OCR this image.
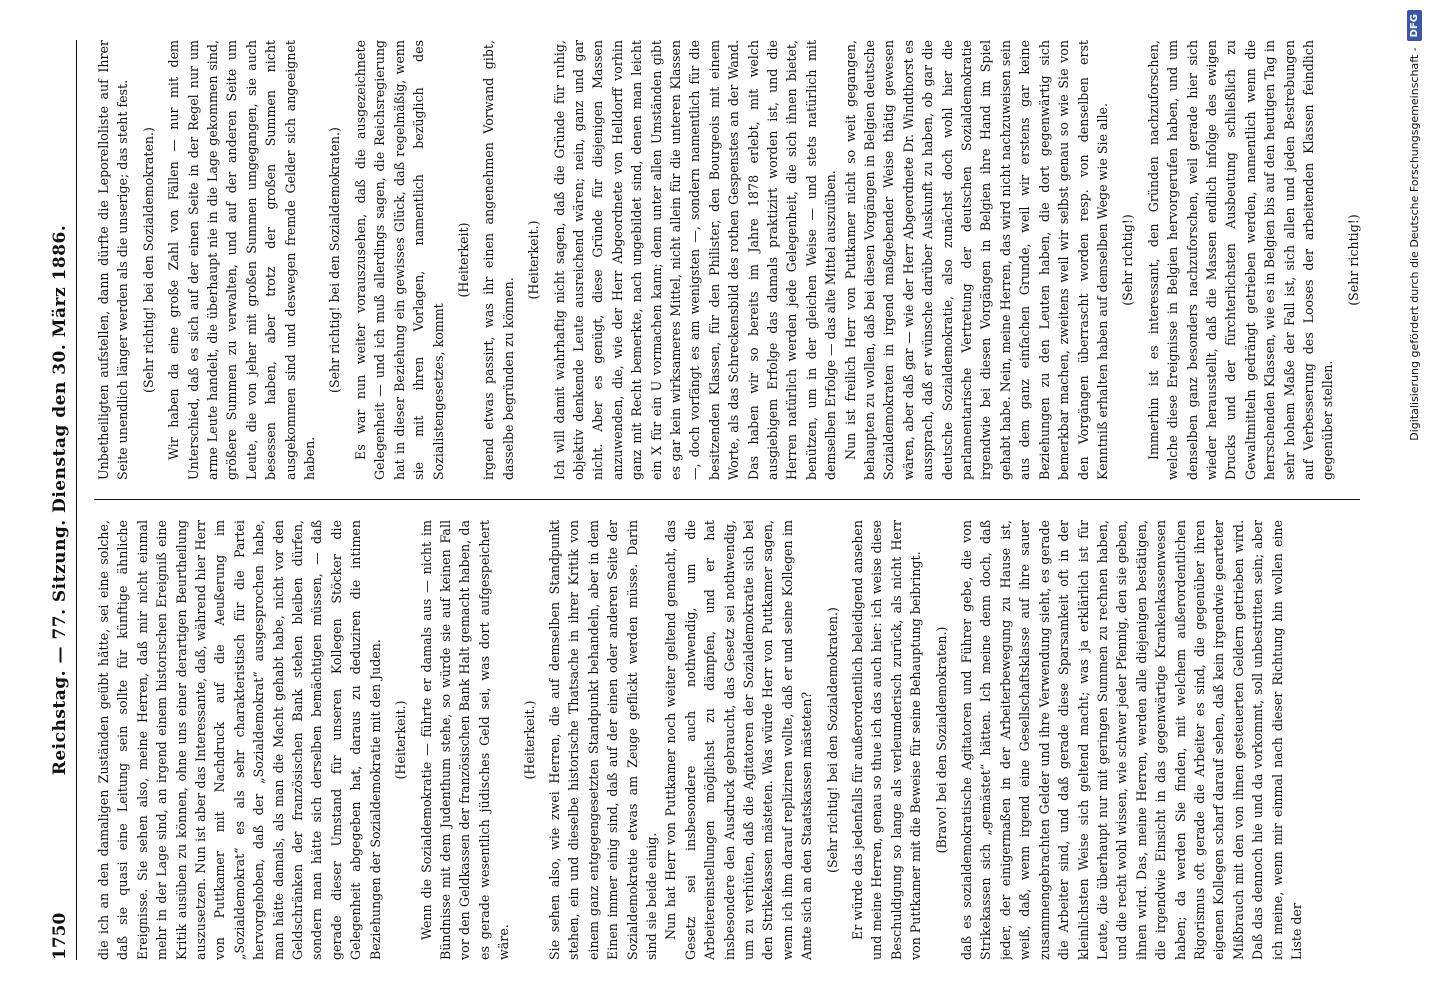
1750
Reichstag. — 77. Sitzung. Dienstag den 30. März 1886. die ich an den damaligen Zuständen geübt hätte, sei eine solche, daß sie quasi eine Leitung sein sollte für künftige ähnliche Ereignisse. Sie sehen also, meine Herren, daß mir nicht einmal mehr in der Lage sind, an irgend einem historischen Ereigniß eine Kritik ausüben zu können, ohne uns einer derartigen Beurtheilung auszusetzen. Nun ist aber das Interessante, daß, während hier Herr von Puttkamer mit Nachdruck auf die Aeußerung im „Sozialdemokrat“ es als sehr charakteristisch für die Partei hervorgehoben, daß der „Sozialdemokrat“ ausgesprochen habe, man hätte damals, als man die Macht gehabt habe, nicht vor den Geldschränken der französischen Bank stehen bleiben dürfen, sondern man hätte sich derselben bemächtigen müssen, — daß gerade dieser Umstand für unseren Kollegen Stöcker die Gelegenheit abgegeben hat, daraus zu deduziren die intimen Beziehungen der Sozialdemokratie mit den Juden. (Heiterkeit.) Wenn die Sozialdemokratie — führte er damals aus — nicht im Bündnisse mit dem Judenthum stehe, so würde sie auf keinen Fall vor den Geldkassen der französischen Bank Halt gemacht haben, da es gerade wesentlich jüdisches Geld sei, was dort aufgespeichert wäre.

(Heiterkeit.) Sie sehen also, wie zwei Herren, die auf demselben Standpunkt stehen, ein und dieselbe historische Thatsache in ihrer Kritik von einem ganz entgegengesetzten Standpunkt behandeln, aber in dem Einen immer einig sind, daß auf der einen oder anderen Seite der Sozialdemokratie etwas am Zeuge geflickt werden müsse. Darin sind sie beide einig. Nun hat Herr von Puttkamer noch weiter geltend gemacht, das Gesetz sei insbesondere auch nothwendig, um die Arbeitereinstellungen möglichst zu dämpfen, und er hat insbesondere den Ausdruck gebraucht, das Gesetz sei nothwendig, um zu verhüten, daß die Agitatoren der Sozialdemokratie sich bei den Strikekassen mästeten. Was würde Herr von Puttkamer sagen, wenn ich ihm darauf repliziren wollte, daß er und seine Kollegen im Amte sich an den Staatskassen mästeten? (Sehr richtig! bei den Sozialdemokraten.) Er würde das jedenfalls für außerordentlich beleidigend ansehen und meine Herren, genau so thue ich das auch hier: ich weise diese Beschuldigung so lange als verleumderisch zurück, als nicht Herr von Puttkamer mit die Beweise für seine Behauptung beibringt. (Bravo! bei den Sozialdemokraten.) daß es sozialdemokratische Agitatoren und Führer gebe, die von Strikekassen sich „gemästet“ hätten. Ich meine denn doch, daß jeder, der einigermaßen in der Arbeiterbewegung zu Hause ist, weiß, daß, wenn irgend eine Gesellschaftsklasse auf ihre sauer zusammengebrachten Gelder und ihre Verwendung sieht, es gerade die Arbeiter sind, und daß gerade diese Sparsamkeit oft in der kleinlichsten Weise sich geltend macht; was ja erklärlich ist für Leute, die überhaupt nur mit geringen Summen zu rechnen haben, und die recht wohl wissen, wie schwer jeder Pfennig, den sie geben, ihnen wird. Das, meine Herren, werden alle diejenigen bestätigen, die irgendwie Einsicht in das gegenwärtige Krankenkassenwesen haben; da werden Sie finden, mit welchem außerordentlichen Rigorismus oft gerade die Arbeiter es sind, die gegenüber ihren eigenen Kollegen scharf darauf sehen, daß kein irgendwie gearteter Mißbrauch mit den von ihnen gesteuerten Geldern getrieben wird. Daß das dennoch hie und da vorkommt, soll unbestritten sein; aber ich meine, wenn mir einmal nach dieser Richtung hin wollen eine Liste der

Unbetheiligten aufstellen, dann dürfte die Leporelloliste auf Ihrer Seite unendlich länger werden als die unserige; das steht fest. (Sehr richtig! bei den Sozialdemokraten.) Wir haben da eine große Zahl von Fällen — nur mit dem Unterschied, daß es sich auf der einen Seite in der Regel nur um arme Leute handelt, die überhaupt nie in die Lage gekommen sind, größere Summen zu verwalten, und auf der anderen Seite um Leute, die von jeher mit großen Summen umgegangen, sie auch besessen haben, aber trotz der großen Summen nicht ausgekommen sind und deswegen fremde Gelder sich angeeignet haben.

(Sehr richtig! bei den Sozialdemokraten.) Es war nun weiter vorauszusehen, daß die ausgezeichnete Gelegenheit — und ich muß allerdings sagen, die Reichsregierung hat in dieser Beziehung ein gewisses Glück, daß regelmäßig, wenn sie mit ihren Vorlagen, namentlich bezüglich des Sozialistengesetzes, kommt

(Heiterkeit) irgend etwas passirt, was ihr einen angenehmen Vorwand gibt, dasselbe begründen zu können.

(Heiterkeit.) Ich will damit wahrhaftig nicht sagen, daß die Gründe für ruhig, objektiv denkende Leute ausreichend wären; nein, ganz und gar nicht. Aber es genügt, diese Gründe für diejenigen Massen anzuwenden, die, wie der Herr Abgeordnete von Helldorff vorhin ganz mit Recht bemerkte, nach ungebildet sind, denen man leicht ein X für ein U vormachen kann; denn unter allen Umständen gibt es gar kein wirksameres Mittel, nicht allein für die unteren Klassen —, doch vorfängt es am wenigsten —, sondern namentlich für die besitzenden Klassen, für den Philister, den Bourgeois mit einem Worte, als das Schreckensbild des rothen Gespenstes an der Wand. Das haben wir so bereits im Jahre 1878 erlebt, mit welch ausgiebigem Erfolge das damals praktizirt worden ist, und die Herren natürlich werden jede Gelegenheit, die sich ihnen bietet, benützen, um in der gleichen Weise — und stets natürlich mit demselben Erfolge — das alte Mittel auszuüben. Nun ist freilich Herr von Puttkamer nicht so weit gegangen, behaupten zu wollen, daß bei diesen Vorgängen in Belgien deutsche Sozialdemokraten in irgend maßgebender Weise thätig gewesen wären, aber daß gar — wie der Herr Abgeordnete Dr. Windthorst es aussprach, daß er wünsche darüber Auskunft zu haben, ob gar die deutsche Sozialdemokratie, also zunächst doch wohl hier die parlamentarische Vertretung der deutschen Sozialdemokratie irgendwie bei diesen Vorgängen in Belgien ihre Hand im Spiel gehabt habe. Nein, meine Herren, das wird nicht nachzuweisen sein aus dem ganz einfachen Grunde, weil wir erstens gar keine Beziehungen zu den Leuten haben, die dort gegenwärtig sich bemerkbar machen, zweitens weil wir selbst genau so wie Sie von den Vorgängen überrascht worden resp. von denselben erst Kenntniß erhalten haben auf demselben Wege wie Sie alle. (Sehr richtig!) Immerhin ist es interessant, den Gründen nachzuforschen, welche diese Ereignisse in Belgien hervorgerufen haben, und um denselben ganz besonders nachzuforschen, weil gerade hier sich wieder herausstellt, daß die Massen endlich infolge des ewigen Drucks und der fürchterlichsten Ausbeutung schließlich zu Gewaltmitteln gedrängt getrieben werden, namentlich wenn die herrschenden Klassen, wie es in Belgien bis auf den heutigen Tag in sehr hohem Maße der Fall ist, sich allen und jeden Bestrebungen auf Verbesserung des Looses der arbeitenden Klassen feindlich gegenüber stellen.

(Sehr richtig!)	Digitalisierung gefördert durch die Deutsche Forschungsgemeinschaft -
DFG
